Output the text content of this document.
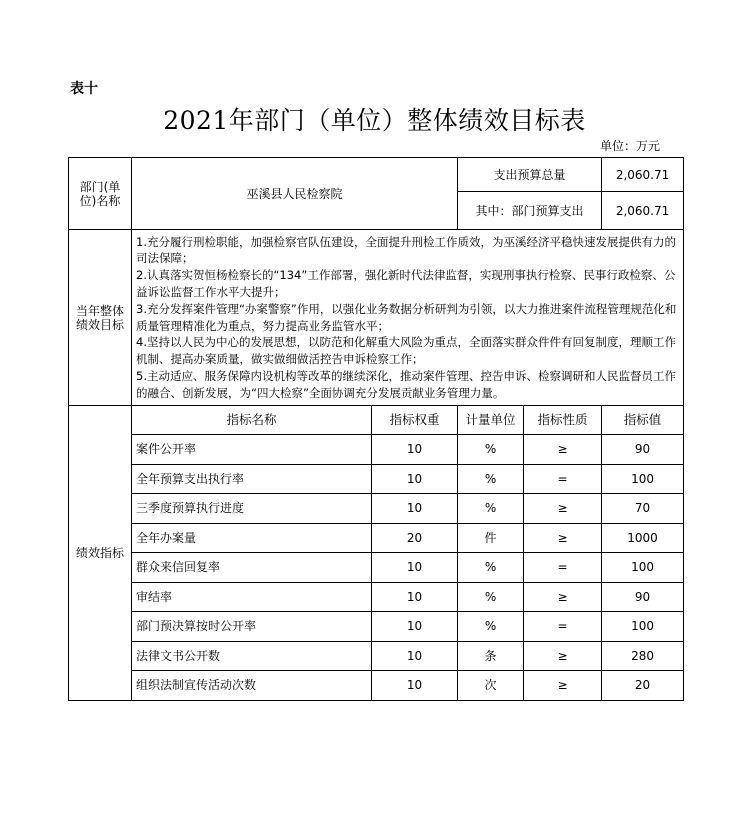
表十
2021年部门（单位）整体绩效目标表
单位：万元
部门(单位)名称	巫溪县人民检察院		支出预算总量		2,060.71
			其中：部门预算支出		2,060.71
当年整体绩效目标	1.充分履行刑检职能，加强检察官队伍建设，全面提升刑检工作质效，为巫溪经济平稳快速发展提供有力的司法保障；
2.认真落实贺恒杨检察长的“134”工作部署，强化新时代法律监督，实现刑事执行检察、民事行政检察、公益诉讼监督工作水平大提升；
3.充分发挥案件管理“办案警察”作用，以强化业务数据分析研判为引领，以大力推进案件流程管理规范化和质量管理精准化为重点，努力提高业务监管水平；
4.坚持以人民为中心的发展思想，以防范和化解重大风险为重点，全面落实群众件件有回复制度，理顺工作机制、提高办案质量，做实做细做活控告申诉检察工作；
5.主动适应、服务保障内设机构等改革的继续深化，推动案件管理、控告申诉、检察调研和人民监督员工作的融合、创新发展，为“四大检察”全面协调充分发展贡献业务管理力量。				

绩效指标	指标名称	指标权重	计量单位	指标性质	指标值
	案件公开率	10	%	≥	90
	全年预算支出执行率	10	%	=	100
	三季度预算执行进度	10	%	≥	70
	全年办案量	20	件	≥	1000
	群众来信回复率	10	%	=	100
	审结率	10	%	≥	90
	部门预决算按时公开率	10	%	=	100
	法律文书公开数	10	条	≥	280
	组织法制宣传活动次数	10	次	≥	20
